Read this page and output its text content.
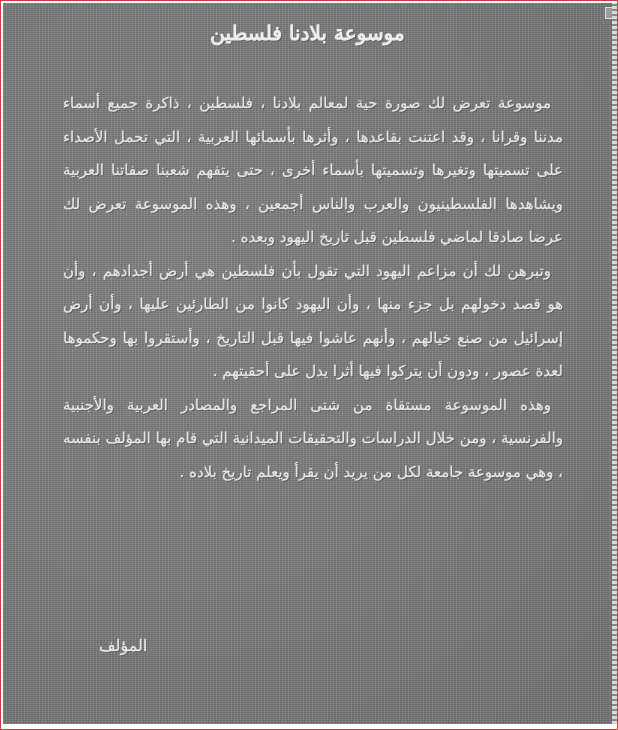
موسوعة بلادنا فلسطين

موسوعة تعرض لك صورة حية لمعالم بلادنا ، فلسطين ، ذاكرة جميع أسماء مدننا وقرانا ، وقد اعتنت بقاعدها ، وأثرها بأسمائها العربية ، التي تحمل الأصداء على تسميتها وتغيرها وتسميتها بأسماء أخرى ، حتى يتفهم شعبنا صفاتنا العربية ويشاهدها الفلسطينيون والعرب والناس أجمعين ، وهذه الموسوعة تعرض لك عرضا صادقا لماضي فلسطين قبل ثاريخ اليهود وبعده .

وتبرهن لك أن مزاعم اليهود التي تقول بأن فلسطين هي أرض أجدادهم ، وأن هو قصد دخولهم بل جزء منها ، وأن اليهود كانوا من الطارئين عليها ، وأن أرض إسرائيل من صنع خيالهم ، وأنهم عاشوا فيها قبل التاريخ ، وأستقروا بها وحكموها لعدة عصور ، ودون أن يتركوا فيها أثرا يدل على أحقيتهم .

وهذه الموسوعة مستقاة من شتى المراجع والمصادر العربية والأجنبية والفرنسية ، ومن خلال الدراسات والتحقيقات الميدانية التي قام بها المؤلف بنفسه ، وهي موسوعة جامعة لكل من يريد أن يقرأ ويعلم تاريخ بلاده .

المؤلف
